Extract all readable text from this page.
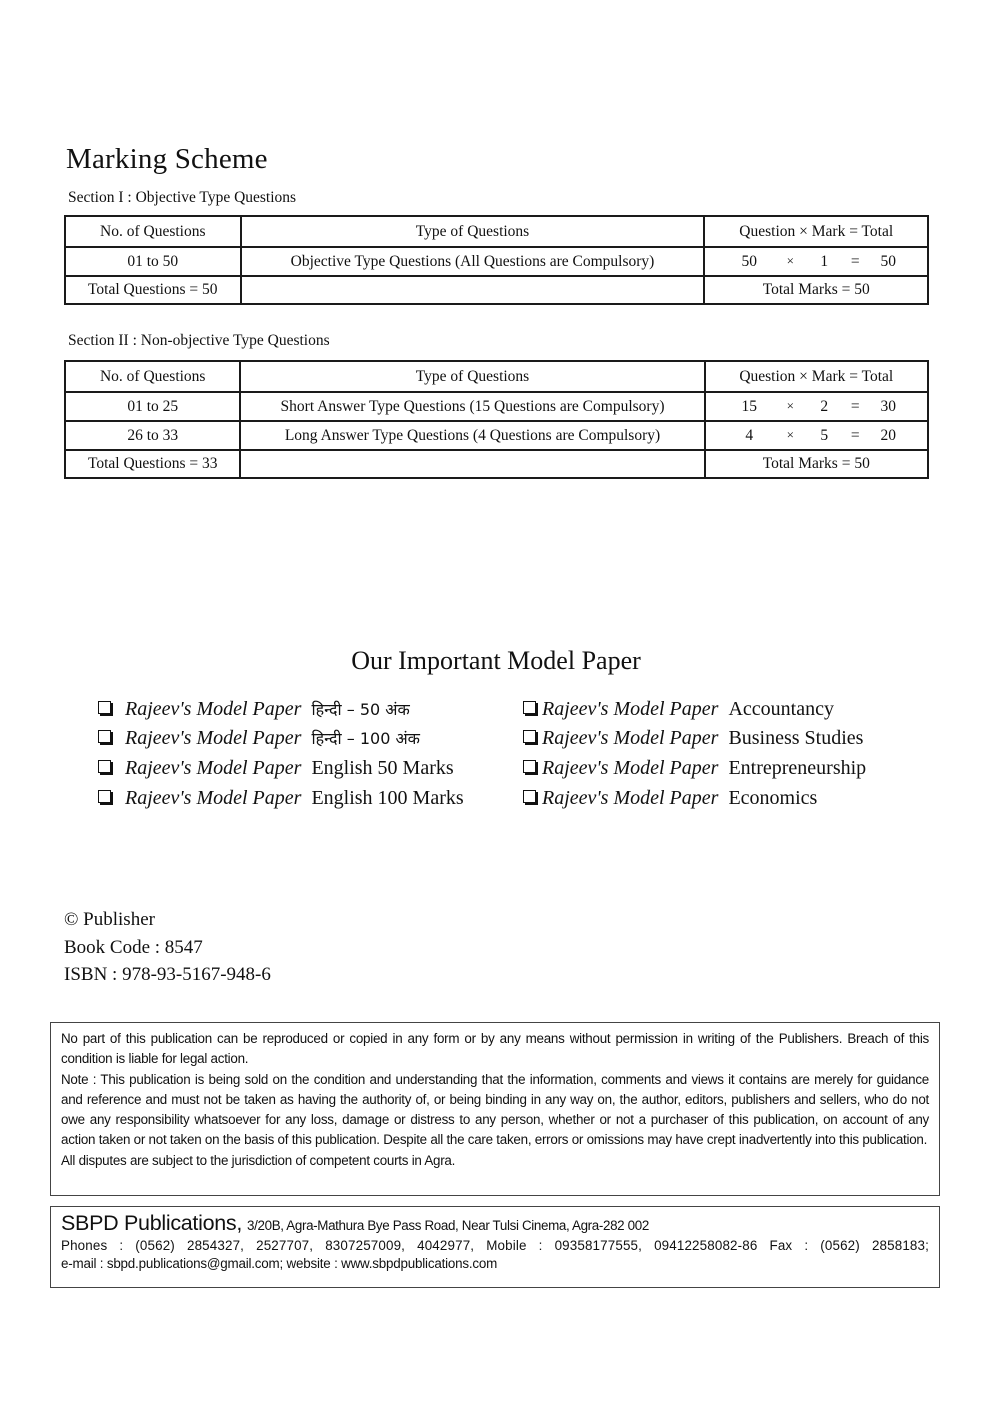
Marking Scheme
Section I : Objective Type Questions
No. of Questions	Type of Questions	Question × Mark = Total
01 to 50	Objective Type Questions (All Questions are Compulsory)	50 × 1 = 50

Total Questions = 50		Total Marks = 50
Section II : Non-objective Type Questions
No. of Questions	Type of Questions	Question × Mark = Total
01 to 25	Short Answer Type Questions (15 Questions are Compulsory)	15 × 2 = 30

26 to 33	Long Answer Type Questions (4 Questions are Compulsory)	4 × 5 = 20

Total Questions = 33		Total Marks = 50
Our Important Model Paper
Rajeev's Model Paper हिन्दी – 50 अंक
Rajeev's Model Paper हिन्दी – 100 अंक
Rajeev's Model Paper English 50 Marks
Rajeev's Model Paper English 100 Marks
Rajeev's Model Paper Accountancy
Rajeev's Model Paper Business Studies
Rajeev's Model Paper Entrepreneurship
Rajeev's Model Paper Economics
© Publisher
Book Code : 8547
ISBN : 978-93-5167-948-6

No part of this publication can be reproduced or copied in any form or by any means without permission in writing of the Publishers. Breach of this condition is liable for legal action.

Note : This publication is being sold on the condition and understanding that the information, comments and views it contains are merely for guidance and reference and must not be taken as having the authority of, or being binding in any way on, the author, editors, publishers and sellers, who do not owe any responsibility whatsoever for any loss, damage or distress to any person, whether or not a purchaser of this publication, on account of any action taken or not taken on the basis of this publication. Despite all the care taken, errors or omissions may have crept inadvertently into this publication.

All disputes are subject to the jurisdiction of competent courts in Agra.

SBPD Publications, 3/20B, Agra-Mathura Bye Pass Road, Near Tulsi Cinema, Agra-282 002
Phones : (0562) 2854327, 2527707, 8307257009, 4042977, Mobile : 09358177555, 09412258082-86 Fax : (0562) 2858183;
e-mail : sbpd.publications@gmail.com; website : www.sbpdpublications.com
